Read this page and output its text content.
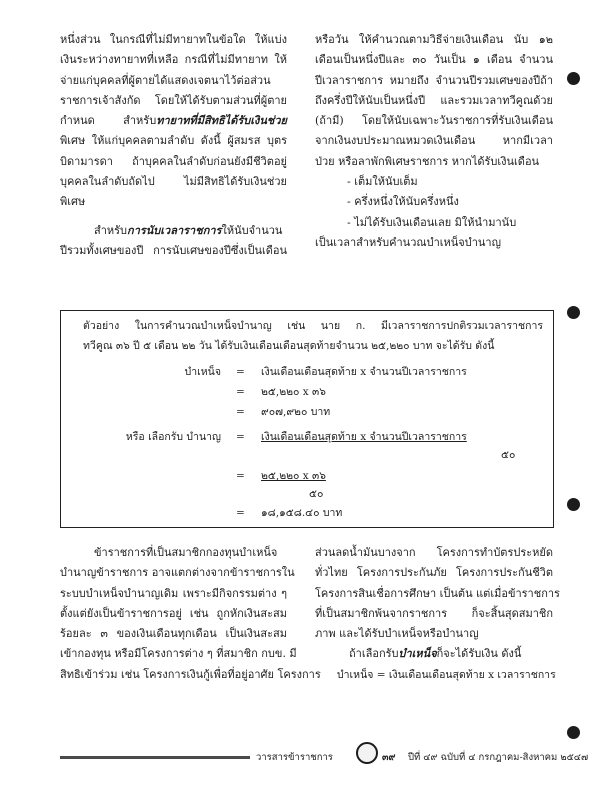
หนึ่งส่วน ในกรณีที่ไม่มีทายาทในข้อใด ให้แบ่ง
เงินระหว่างทายาทที่เหลือ กรณีที่ไม่มีทายาท ให้
จ่ายแก่บุคคลที่ผู้ตายได้แสดงเจตนาไว้ต่อส่วน
ราชการเจ้าสังกัด โดยให้ได้รับตามส่วนที่ผู้ตาย
กำหนด สำหรับทายาทที่มีสิทธิได้รับเงินช่วย
พิเศษ ให้แก่บุคคลตามลำดับ ดังนี้ ผู้สมรส บุตร
บิดามารดา ถ้าบุคคลในลำดับก่อนยังมีชีวิตอยู่
บุคคลในลำดับถัดไป ไม่มีสิทธิได้รับเงินช่วย
พิเศษ
สำหรับการนับเวลาราชการให้นับจำนวน
ปีรวมทั้งเศษของปี การนับเศษของปีซึ่งเป็นเดือน
หรือวัน ให้คำนวณตามวิธีจ่ายเงินเดือน นับ ๑๒
เดือนเป็นหนึ่งปีและ ๓๐ วันเป็น ๑ เดือน จำนวน
ปีเวลาราชการ หมายถึง จำนวนปีรวมเศษของปีถ้า
ถึงครึ่งปีให้นับเป็นหนึ่งปี และรวมเวลาทวีคูณด้วย
(ถ้ามี) โดยให้นับเฉพาะวันราชการที่รับเงินเดือน
จากเงินงบประมาณหมวดเงินเดือน หากมีเวลา
ป่วย หรือลาพักพิเศษราชการ หากได้รับเงินเดือน
- เต็มให้นับเต็ม
- ครึ่งหนึ่งให้นับครึ่งหนึ่ง
- ไม่ได้รับเงินเดือนเลย มิให้นำมานับ
เป็นเวลาสำหรับคำนวณบำเหน็จบำนาญ
ตัวอย่าง ในการคำนวณบำเหน็จบำนาญ เช่น นาย ก. มีเวลาราชการปกติรวมเวลาราชการ
ทวีคูณ ๓๖ ปี ๕ เดือน ๒๒ วัน ได้รับเงินเดือนเดือนสุดท้ายจำนวน ๒๕,๒๒๐ บาท จะได้รับ ดังนี้
บำเหน็จ = เงินเดือนเดือนสุดท้าย x จำนวนปีเวลาราชการ
= ๒๕,๒๒๐ x ๓๖
= ๙๐๗,๙๒๐ บาท
หรือ เลือกรับ บำนาญ = เงินเดือนเดือนสุดท้าย x จำนวนปีเวลาราชการ
๕๐
= ๒๕,๒๒๐ x ๓๖
๕๐
= ๑๘,๑๕๘.๔๐ บาท
ข้าราชการที่เป็นสมาชิกกองทุนบำเหน็จ
บำนาญข้าราชการ อาจแตกต่างจากข้าราชการใน
ระบบบำเหน็จบำนาญเดิม เพราะมีกิจกรรมต่าง ๆ
ตั้งแต่ยังเป็นข้าราชการอยู่ เช่น ถูกหักเงินสะสม
ร้อยละ ๓ ของเงินเดือนทุกเดือน เป็นเงินสะสม
เข้ากองทุน หรือมีโครงการต่าง ๆ ที่สมาชิก กบข. มี
สิทธิเข้าร่วม เช่น โครงการเงินกู้เพื่อที่อยู่อาศัย โครงการ
ส่วนลดน้ำมันบางจาก โครงการทำบัตรประหยัด
ทั่วไทย โครงการประกันภัย โครงการประกันชีวิต
โครงการสินเชื่อการศึกษา เป็นต้น แต่เมื่อข้าราชการ
ที่เป็นสมาชิกพ้นจากราชการ ก็จะสิ้นสุดสมาชิก
ภาพ และได้รับบำเหน็จหรือบำนาญ
ถ้าเลือกรับบำเหน็จก็จะได้รับเงิน ดังนี้
บำเหน็จ = เงินเดือนเดือนสุดท้าย x เวลาราชการ
วารสารข้าราชการ	๓๙ ปีที่ ๔๙ ฉบับที่ ๔ กรกฎาคม-สิงหาคม ๒๕๔๗
